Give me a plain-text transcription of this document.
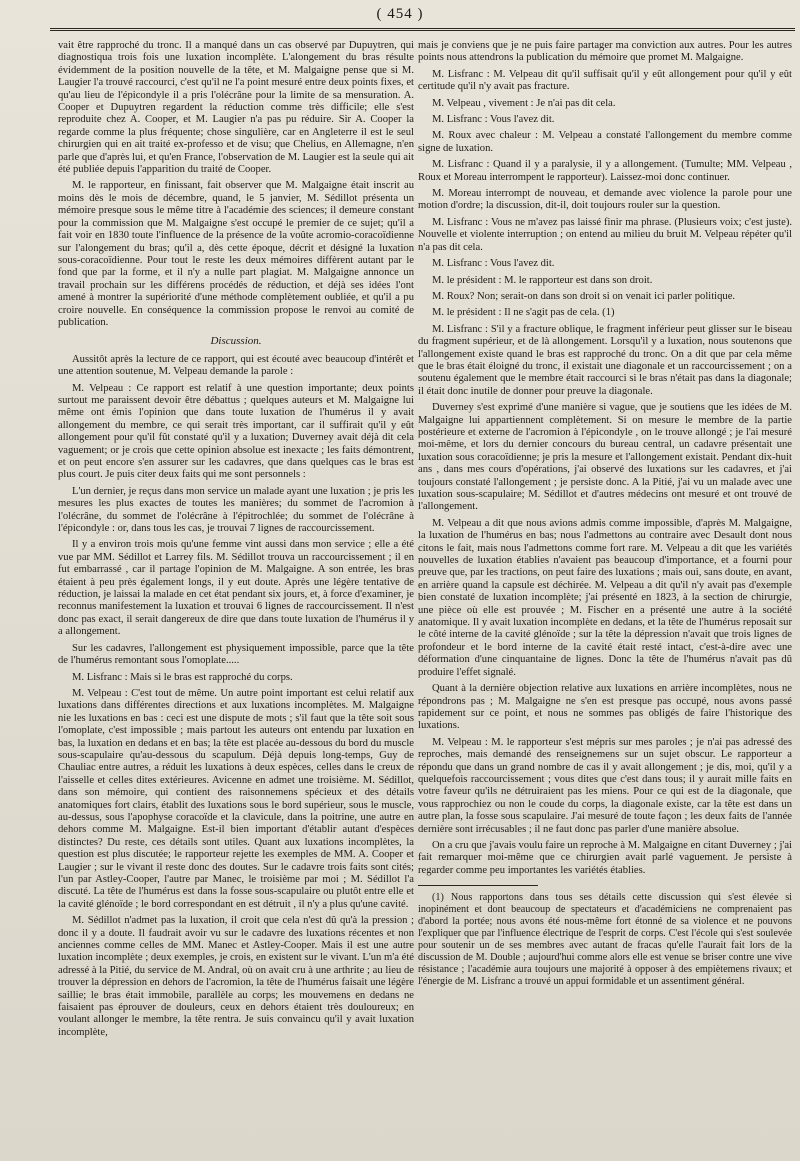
( 454 )

vait être rapproché du tronc. Il a manqué dans un cas observé par Dupuytren, qui diagnostiqua trois fois une luxation incomplète. L'alongement du bras résulte évidemment de la position nouvelle de la tête, et M. Malgaigne pense que si M. Laugier l'a trouvé raccourci, c'est qu'il ne l'a point mesuré entre deux points fixes, et qu'au lieu de l'épicondyle il a pris l'olécrâne pour la limite de sa mensuration. A. Cooper et Dupuytren regardent la réduction comme très difficile; elle s'est reproduite chez A. Cooper, et M. Laugier n'a pas pu réduire. Sir A. Cooper la regarde comme la plus fréquente; chose singulière, car en Angleterre il est le seul chirurgien qui en ait traité ex-professo et de visu; que Chelius, en Allemagne, n'en parle que d'après lui, et qu'en France, l'observation de M. Laugier est la seule qui ait été publiée depuis l'apparition du traité de Cooper.

M. le rapporteur, en finissant, fait observer que M. Malgaigne était inscrit au moins dès le mois de décembre, quand, le 5 janvier, M. Sédillot présenta un mémoire presque sous le même titre à l'académie des sciences; il demeure constant pour la commission que M. Malgaigne s'est occupé le premier de ce sujet; qu'il a fait voir en 1830 toute l'influence de la présence de la voûte acromio-coracoïdienne sur l'alongement du bras; qu'il a, dès cette époque, décrit et désigné la luxation sous-coracoïdienne. Pour tout le reste les deux mémoires diffèrent autant par le fond que par la forme, et il n'y a nulle part plagiat. M. Malgaigne annonce un travail prochain sur les différens procédés de réduction, et déjà ses idées l'ont amené à montrer la supériorité d'une méthode complètement oubliée, et qu'il a pu croire nouvelle. En conséquence la commission propose le renvoi au comité de publication.

Discussion.

Aussitôt après la lecture de ce rapport, qui est écouté avec beaucoup d'intérêt et une attention soutenue, M. Velpeau demande la parole :

M. Velpeau : Ce rapport est relatif à une question importante; deux points surtout me paraissent devoir être débattus ; quelques auteurs et M. Malgaigne lui même ont émis l'opinion que dans toute luxation de l'humérus il y avait allongement du membre, ce qui serait très important, car il suffirait qu'il y eût allongement pour qu'il fût constaté qu'il y a luxation; Duverney avait déjà dit cela vaguement; or je crois que cette opinion absolue est inexacte ; les faits démontrent, et on peut encore s'en assurer sur les cadavres, que dans quelques cas le bras est plus court. Je puis citer deux faits qui me sont personnels :

L'un dernier, je reçus dans mon service un malade ayant une luxation ; je pris les mesures les plus exactes de toutes les manières; du sommet de l'acromion à l'olécrâne, du sommet de l'olécrâne à l'épitrochlée; du sommet de l'olécrâne à l'épicondyle : or, dans tous les cas, je trouvai 7 lignes de raccourcissement.

Il y a environ trois mois qu'une femme vint aussi dans mon service ; elle a été vue par MM. Sédillot et Larrey fils. M. Sédillot trouva un raccourcissement ; il en fut embarrassé , car il partage l'opinion de M. Malgaigne. A son entrée, les bras étaient à peu près également longs, il y eut doute. Après une légère tentative de réduction, je laissai la malade en cet état pendant six jours, et, à force d'examiner, je reconnus manifestement la luxation et trouvai 6 lignes de raccourcissement. Il n'est donc pas exact, il serait dangereux de dire que dans toute luxation de l'humérus il y a allongement.

Sur les cadavres, l'allongement est physiquement impossible, parce que la tête de l'humérus remontant sous l'omoplate.....

M. Lisfranc : Mais si le bras est rapproché du corps.

M. Velpeau : C'est tout de même. Un autre point important est celui relatif aux luxations dans différentes directions et aux luxations incomplètes. M. Malgaigne nie les luxations en bas : ceci est une dispute de mots ; s'il faut que la tête soit sous l'omoplate, c'est impossible ; mais partout les auteurs ont entendu par luxation en bas, la luxation en dedans et en bas; la tête est placée au-dessous du bord du muscle sous-scapulaire qu'au-dessous du scapulum. Déjà depuis long-temps, Guy de Chauliac entre autres, a réduit les luxations à deux espèces, celles dans le creux de l'aisselle et celles dites extérieures. Avicenne en admet une troisième. M. Sédillot, dans son mémoire, qui contient des raisonnemens spécieux et des détails anatomiques fort clairs, établit des luxations sous le bord supérieur, sous le muscle, au-dessus, sous l'apophyse coracoïde et la clavicule, dans la poitrine, une autre en dehors comme M. Malgaigne. Est-il bien important d'établir autant d'espèces distinctes? Du reste, ces détails sont utiles. Quant aux luxations incomplètes, la question est plus discutée; le rapporteur rejette les exemples de MM. A. Cooper et Laugier ; sur le vivant il reste donc des doutes. Sur le cadavre trois faits sont cités; l'un par Astley-Cooper, l'autre par Manec, le troisième par moi ; M. Sédillot l'a discuté. La tête de l'humérus est dans la fosse sous-scapulaire ou plutôt entre elle et la cavité glénoïde ; le bord correspondant en est détruit , il n'y a plus qu'une cavité.

M. Sédillot n'admet pas la luxation, il croit que cela n'est dû qu'à la pression ; donc il y a doute. Il faudrait avoir vu sur le cadavre des luxations récentes et non anciennes comme celles de MM. Manec et Astley-Cooper. Mais il est une autre luxation incomplète ; deux exemples, je crois, en existent sur le vivant. L'un m'a été adressé à la Pitié, du service de M. Andral, où on avait cru à une arthrite ; au lieu de trouver la dépression en dehors de l'acromion, la tête de l'humérus faisait une légère saillie; le bras était immobile, parallèle au corps; les mouvemens en dedans ne faisaient pas éprouver de douleurs, ceux en dehors étaient très douloureux; en voulant allonger le membre, la tête rentra. Je suis convaincu qu'il y avait luxation incomplète,

mais je conviens que je ne puis faire partager ma conviction aux autres. Pour les autres points nous attendrons la publication du mémoire que promet M. Malgaigne.

M. Lisfranc : M. Velpeau dit qu'il suffisait qu'il y eût allongement pour qu'il y eût certitude qu'il n'y avait pas fracture.

M. Velpeau , vivement : Je n'ai pas dit cela.

M. Lisfranc : Vous l'avez dit.

M. Roux avec chaleur : M. Velpeau a constaté l'allongement du membre comme signe de luxation.

M. Lisfranc : Quand il y a paralysie, il y a allongement. (Tumulte; MM. Velpeau , Roux et Moreau interrompent le rapporteur). Laissez-moi donc continuer.

M. Moreau interrompt de nouveau, et demande avec violence la parole pour une motion d'ordre; la discussion, dit-il, doit toujours rouler sur la question.

M. Lisfranc : Vous ne m'avez pas laissé finir ma phrase. (Plusieurs voix; c'est juste). Nouvelle et violente interruption ; on entend au milieu du bruit M. Velpeau répéter qu'il n'a pas dit cela.

M. Lisfranc : Vous l'avez dit.

M. le président : M. le rapporteur est dans son droit.

M. Roux? Non; serait-on dans son droit si on venait ici parler politique.

M. le président : Il ne s'agit pas de cela. (1)

M. Lisfranc : S'il y a fracture oblique, le fragment inférieur peut glisser sur le biseau du fragment supérieur, et de là allongement. Lorsqu'il y a luxation, nous soutenons que l'allongement existe quand le bras est rapproché du tronc. On a dit que par cela même que le bras était éloigné du tronc, il existait une diagonale et un raccourcissement ; on a soutenu également que le membre était raccourci si le bras n'était pas dans la diagonale; il était donc inutile de donner pour preuve la diagonale.

Duverney s'est exprimé d'une manière si vague, que je soutiens que les idées de M. Malgaigne lui appartiennent complètement. Si on mesure le membre de la partie postérieure et externe de l'acromion à l'épicondyle , on le trouve allongé ; je l'ai mesuré moi-même, et lors du dernier concours du bureau central, un cadavre présentait une luxation sous coracoïdienne; je pris la mesure et l'allongement existait. Pendant dix-huit ans , dans mes cours d'opérations, j'ai observé des luxations sur les cadavres, et j'ai toujours constaté l'allongement ; je persiste donc. A la Pitié, j'ai vu un malade avec une luxation sous-scapulaire; M. Sédillot et d'autres médecins ont mesuré et ont trouvé de l'allongement.

M. Velpeau a dit que nous avions admis comme impossible, d'après M. Malgaigne, la luxation de l'humérus en bas; nous l'admettons au contraire avec Desault dont nous citons le fait, mais nous l'admettons comme fort rare. M. Velpeau a dit que les variétés nouvelles de luxation établies n'avaient pas beaucoup d'importance, et a fourni pour preuve que, par les tractions, on peut faire des luxations ; mais oui, sans doute, en avant, en arrière quand la capsule est déchirée. M. Velpeau a dit qu'il n'y avait pas d'exemple bien constaté de luxation incomplète; j'ai présenté en 1823, à la section de chirurgie, une pièce où elle est prouvée ; M. Fischer en a présenté une autre à la société anatomique. Il y avait luxation incomplète en dedans, et la tête de l'humérus reposait sur le côté interne de la cavité glénoïde ; sur la tête la dépression n'avait que trois lignes de profondeur et le bord interne de la cavité était resté intact, c'est-à-dire avec une déformation d'une cinquantaine de lignes. Donc la tête de l'humérus n'avait pas dû produire l'effet signalé.

Quant à la dernière objection relative aux luxations en arrière incomplètes, nous ne répondrons pas ; M. Malgaigne ne s'en est presque pas occupé, nous avons passé rapidement sur ce point, et nous ne sommes pas obligés de faire l'historique des luxations.

M. Velpeau : M. le rapporteur s'est mépris sur mes paroles ; je n'ai pas adressé des reproches, mais demandé des renseignemens sur un sujet obscur. Le rapporteur a répondu que dans un grand nombre de cas il y avait allongement ; je dis, moi, qu'il y a quelquefois raccourcissement ; vous dites que c'est dans tous; il y aurait mille faits en votre faveur qu'ils ne détruiraient pas les miens. Pour ce qui est de la diagonale, que vous rapprochiez ou non le coude du corps, la diagonale existe, car la tête est dans un autre plan, la fosse sous scapulaire. J'ai mesuré de toute façon ; les deux faits de l'année dernière sont irrécusables ; il ne faut donc pas parler d'une manière absolue.

On a cru que j'avais voulu faire un reproche à M. Malgaigne en citant Duverney ; j'ai fait remarquer moi-même que ce chirurgien avait parlé vaguement. Je persiste à regarder comme peu importantes les variétés établies.

(1) Nous rapportons dans tous ses détails cette discussion qui s'est élevée si inopinément et dont beaucoup de spectateurs et d'académiciens ne comprenaient pas d'abord la portée; nous avons été nous-même fort étonné de sa violence et ne pouvons l'expliquer que par l'influence électrique de l'esprit de corps. C'est l'école qui s'est soulevée pour soutenir un de ses membres avec autant de fracas qu'elle l'aurait fait lors de la discussion de M. Double ; aujourd'hui comme alors elle est venue se briser contre une vive résistance ; l'académie aura toujours une majorité à opposer à des empiètemens rivaux; et l'énergie de M. Lisfranc a trouvé un appui formidable et un assentiment général.
